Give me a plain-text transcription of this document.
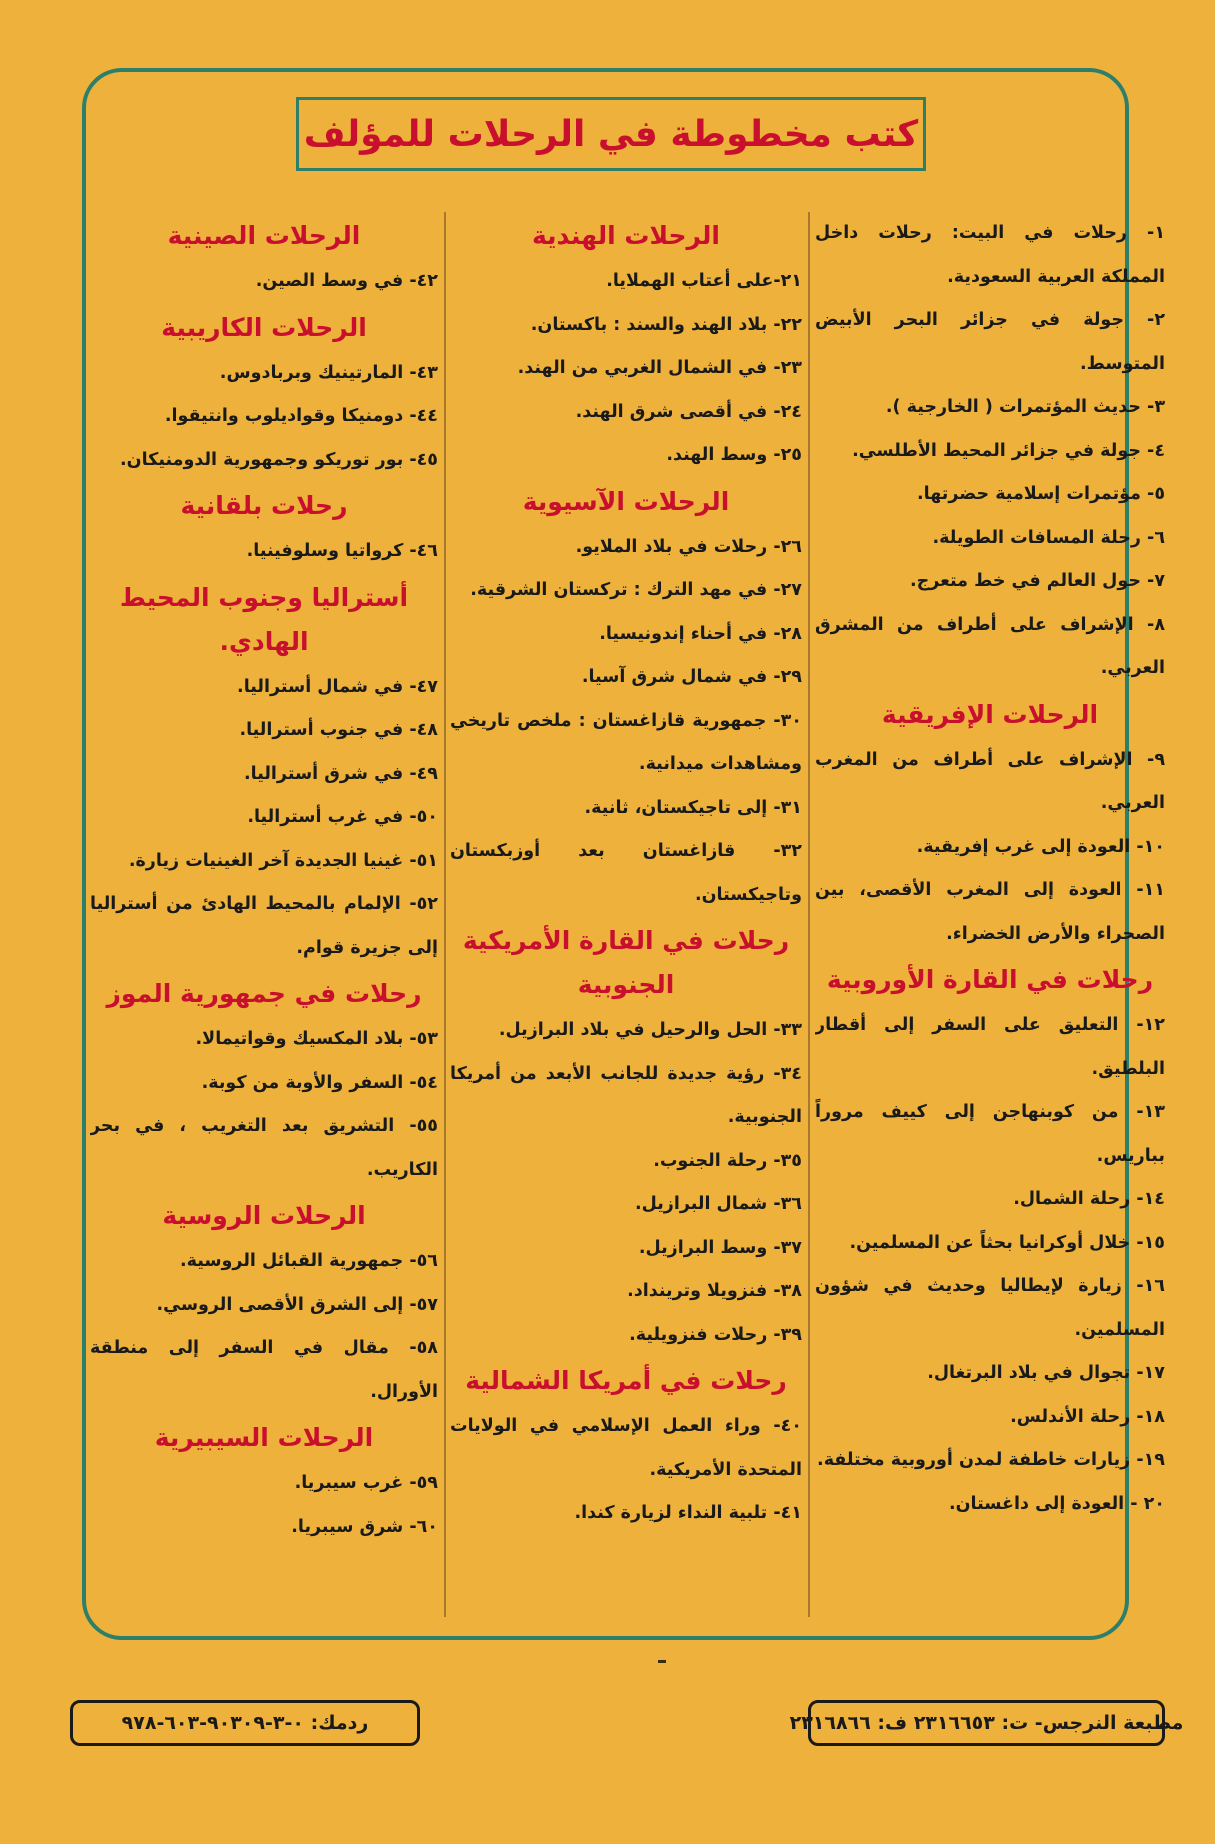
كتب مخطوطة في الرحلات للمؤلف
١- رحلات في البيت: رحلات داخل المملكة العربية السعودية.
٢- جولة في جزائر البحر الأبيض المتوسط.
٣- حديث المؤتمرات ( الخارجية ).
٤- جولة في جزائر المحيط الأطلسي.
٥- مؤتمرات إسلامية حضرتها.
٦- رحلة المسافات الطويلة.
٧- حول العالم في خط متعرج.
٨- الإشراف على أطراف من المشرق العربي.
الرحلات الإفريقية
٩- الإشراف على أطراف من المغرب العربي.
١٠- العودة إلى غرب إفريقية.
١١- العودة إلى المغرب الأقصى، بين الصحراء والأرض الخضراء.
رحلات في القارة الأوروبية
١٢- التعليق على السفر إلى أقطار البلطيق.
١٣- من كوبنهاجن إلى كييف مروراً بباريس.
١٤- رحلة الشمال.
١٥- خلال أوكرانيا بحثاً عن المسلمين.
١٦- زيارة لإيطاليا وحديث في شؤون المسلمين.
١٧- تجوال في بلاد البرتغال.
١٨- رحلة الأندلس.
١٩- زيارات خاطفة لمدن أوروبية مختلفة.
٢٠ - العودة إلى داغستان.
الرحلات الهندية
٢١-على أعتاب الهملايا.
٢٢- بلاد الهند والسند : باكستان.
٢٣- في الشمال الغربي من الهند.
٢٤- في أقصى شرق الهند.
٢٥- وسط الهند.
الرحلات الآسيوية
٢٦- رحلات في بلاد الملايو.
٢٧- في مهد الترك : تركستان الشرقية.
٢٨- في أحناء إندونيسيا.
٢٩- في شمال شرق آسيا.
٣٠- جمهورية قازاغستان : ملخص تاريخي ومشاهدات ميدانية.
٣١- إلى تاجيكستان، ثانية.
٣٢- قازاغستان بعد أوزبكستان وتاجيكستان.
رحلات في القارة الأمريكية الجنوبية
٣٣- الحل والرحيل في بلاد البرازيل.
٣٤- رؤية جديدة للجانب الأبعد من أمريكا الجنوبية.
٣٥- رحلة الجنوب.
٣٦- شمال البرازيل.
٣٧- وسط البرازيل.
٣٨- فنزويلا وترينداد.
٣٩- رحلات فنزويلية.
رحلات في أمريكا الشمالية
٤٠- وراء العمل الإسلامي في الولايات المتحدة الأمريكية.
٤١- تلبية النداء لزيارة كندا.
الرحلات الصينية
٤٢- في وسط الصين.
الرحلات الكاريبية
٤٣- المارتينيك وبربادوس.
٤٤- دومنيكا وقواديلوب وانتيقوا.
٤٥- بور توريكو وجمهورية الدومنيكان.
رحلات بلقانية
٤٦- كرواتيا وسلوفينيا.
أستراليا وجنوب المحيط الهادي.
٤٧- في شمال أستراليا.
٤٨- في جنوب أستراليا.
٤٩- في شرق أستراليا.
٥٠- في غرب أستراليا.
٥١- غينيا الجديدة آخر الغينيات زيارة.
٥٢- الإلمام بالمحيط الهادئ من أستراليا إلى جزيرة قوام.
رحلات في جمهورية الموز
٥٣- بلاد المكسيك وقواتيمالا.
٥٤- السفر والأوبة من كوبة.
٥٥- التشريق بعد التغريب ، في بحر الكاريب.
الرحلات الروسية
٥٦- جمهورية القبائل الروسية.
٥٧- إلى الشرق الأقصى الروسي.
٥٨- مقال في السفر إلى منطقة الأورال.
الرحلات السيبيرية
٥٩- غرب سيبريا.
٦٠- شرق سيبريا.
ردمك: ٠-٣-٩٠٣٠٩-٦٠٣-٩٧٨	مطبعة النرجس- ت: ٢٣١٦٦٥٣ ف: ٢٣١٦٨٦٦
